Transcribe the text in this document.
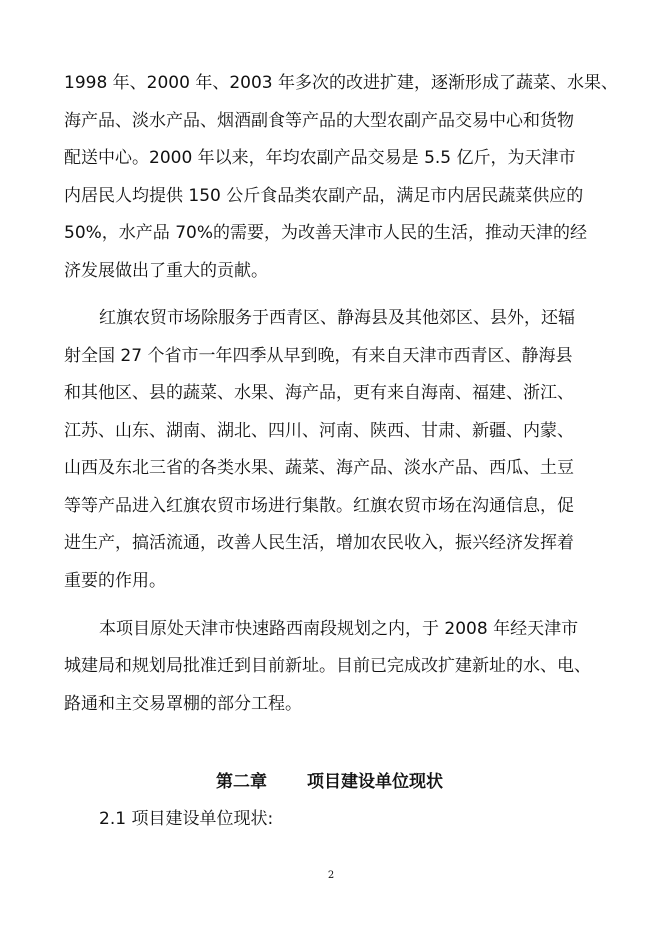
1998 年、2000 年、2003 年多次的改进扩建，逐渐形成了蔬菜、水果、
海产品、淡水产品、烟酒副食等产品的大型农副产品交易中心和货物
配送中心。2000 年以来，年均农副产品交易是 5.5 亿斤，为天津市
内居民人均提供 150 公斤食品类农副产品，满足市内居民蔬菜供应的
50%，水产品 70%的需要，为改善天津市人民的生活，推动天津的经
济发展做出了重大的贡献。
红旗农贸市场除服务于西青区、静海县及其他郊区、县外，还辐
射全国 27 个省市一年四季从早到晚，有来自天津市西青区、静海县
和其他区、县的蔬菜、水果、海产品，更有来自海南、福建、浙江、
江苏、山东、湖南、湖北、四川、河南、陕西、甘肃、新疆、内蒙、
山西及东北三省的各类水果、蔬菜、海产品、淡水产品、西瓜、土豆
等等产品进入红旗农贸市场进行集散。红旗农贸市场在沟通信息，促
进生产，搞活流通，改善人民生活，增加农民收入，振兴经济发挥着
重要的作用。
本项目原处天津市快速路西南段规划之内，于 2008 年经天津市
城建局和规划局批准迁到目前新址。目前已完成改扩建新址的水、电、
路通和主交易罩棚的部分工程。
第二章 项目建设单位现状
2.1 项目建设单位现状:
2
